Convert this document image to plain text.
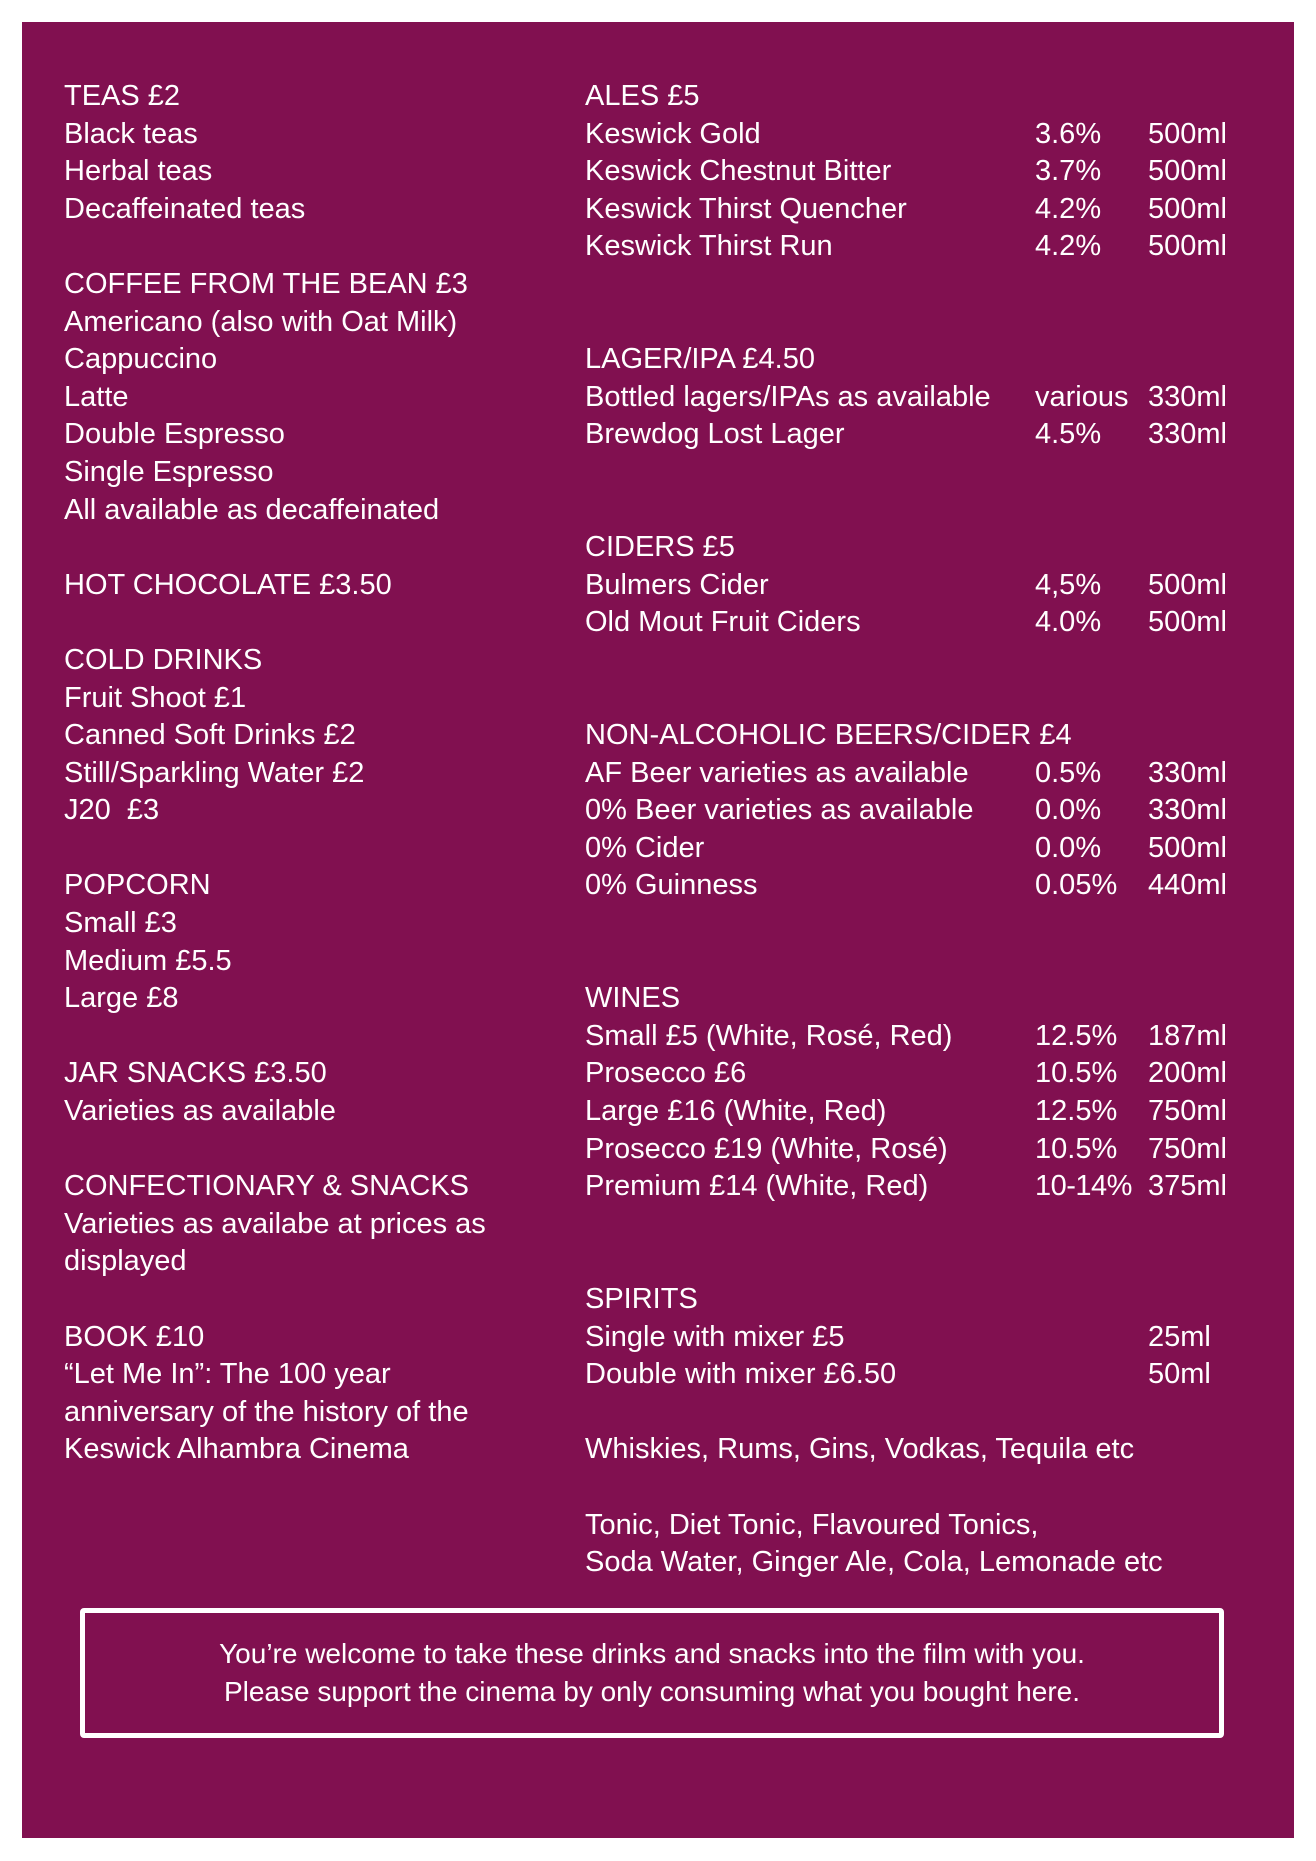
TEAS £2
Black teas
Herbal teas
Decaffeinated teas
COFFEE FROM THE BEAN £3
Americano (also with Oat Milk)
Cappuccino
Latte
Double Espresso
Single Espresso
All available as decaffeinated
HOT CHOCOLATE £3.50
COLD DRINKS
Fruit Shoot £1
Canned Soft Drinks £2
Still/Sparkling Water £2
J20  £3
POPCORN
Small £3
Medium £5.5
Large £8
JAR SNACKS £3.50
Varieties as available
CONFECTIONARY & SNACKS
Varieties as availabe at prices as displayed
BOOK £10
“Let Me In”: The 100 year anniversary of the history of the Keswick Alhambra Cinema
ALES £5
Keswick Gold	3.6%	500ml
Keswick Chestnut Bitter	3.7%	500ml
Keswick Thirst Quencher	4.2%	500ml
Keswick Thirst Run	4.2%	500ml
LAGER/IPA £4.50
Bottled lagers/IPAs as available	various 330ml
Brewdog Lost Lager	4.5%	330ml
CIDERS £5
Bulmers Cider	4,5%	500ml
Old Mout Fruit Ciders	4.0%	500ml
NON-ALCOHOLIC BEERS/CIDER £4
AF Beer varieties as available	0.5%	330ml
0% Beer varieties as available	0.0%	330ml
0% Cider	0.0%	500ml
0% Guinness	0.05%	440ml
WINES
Small £5 (White, Rosé, Red)	12.5%	187ml
Prosecco £6	10.5%	200ml
Large £16 (White, Red)	12.5%	750ml
Prosecco £19 (White, Rosé)	10.5%	750ml
Premium £14 (White, Red)	10-14% 375ml
SPIRITS
Single with mixer £5	25ml
Double with mixer £6.50	50ml
Whiskies, Rums, Gins, Vodkas, Tequila etc
Tonic, Diet Tonic, Flavoured Tonics,
Soda Water, Ginger Ale, Cola, Lemonade etc
You’re welcome to take these drinks and snacks into the film with you.
Please support the cinema by only consuming what you bought here.
